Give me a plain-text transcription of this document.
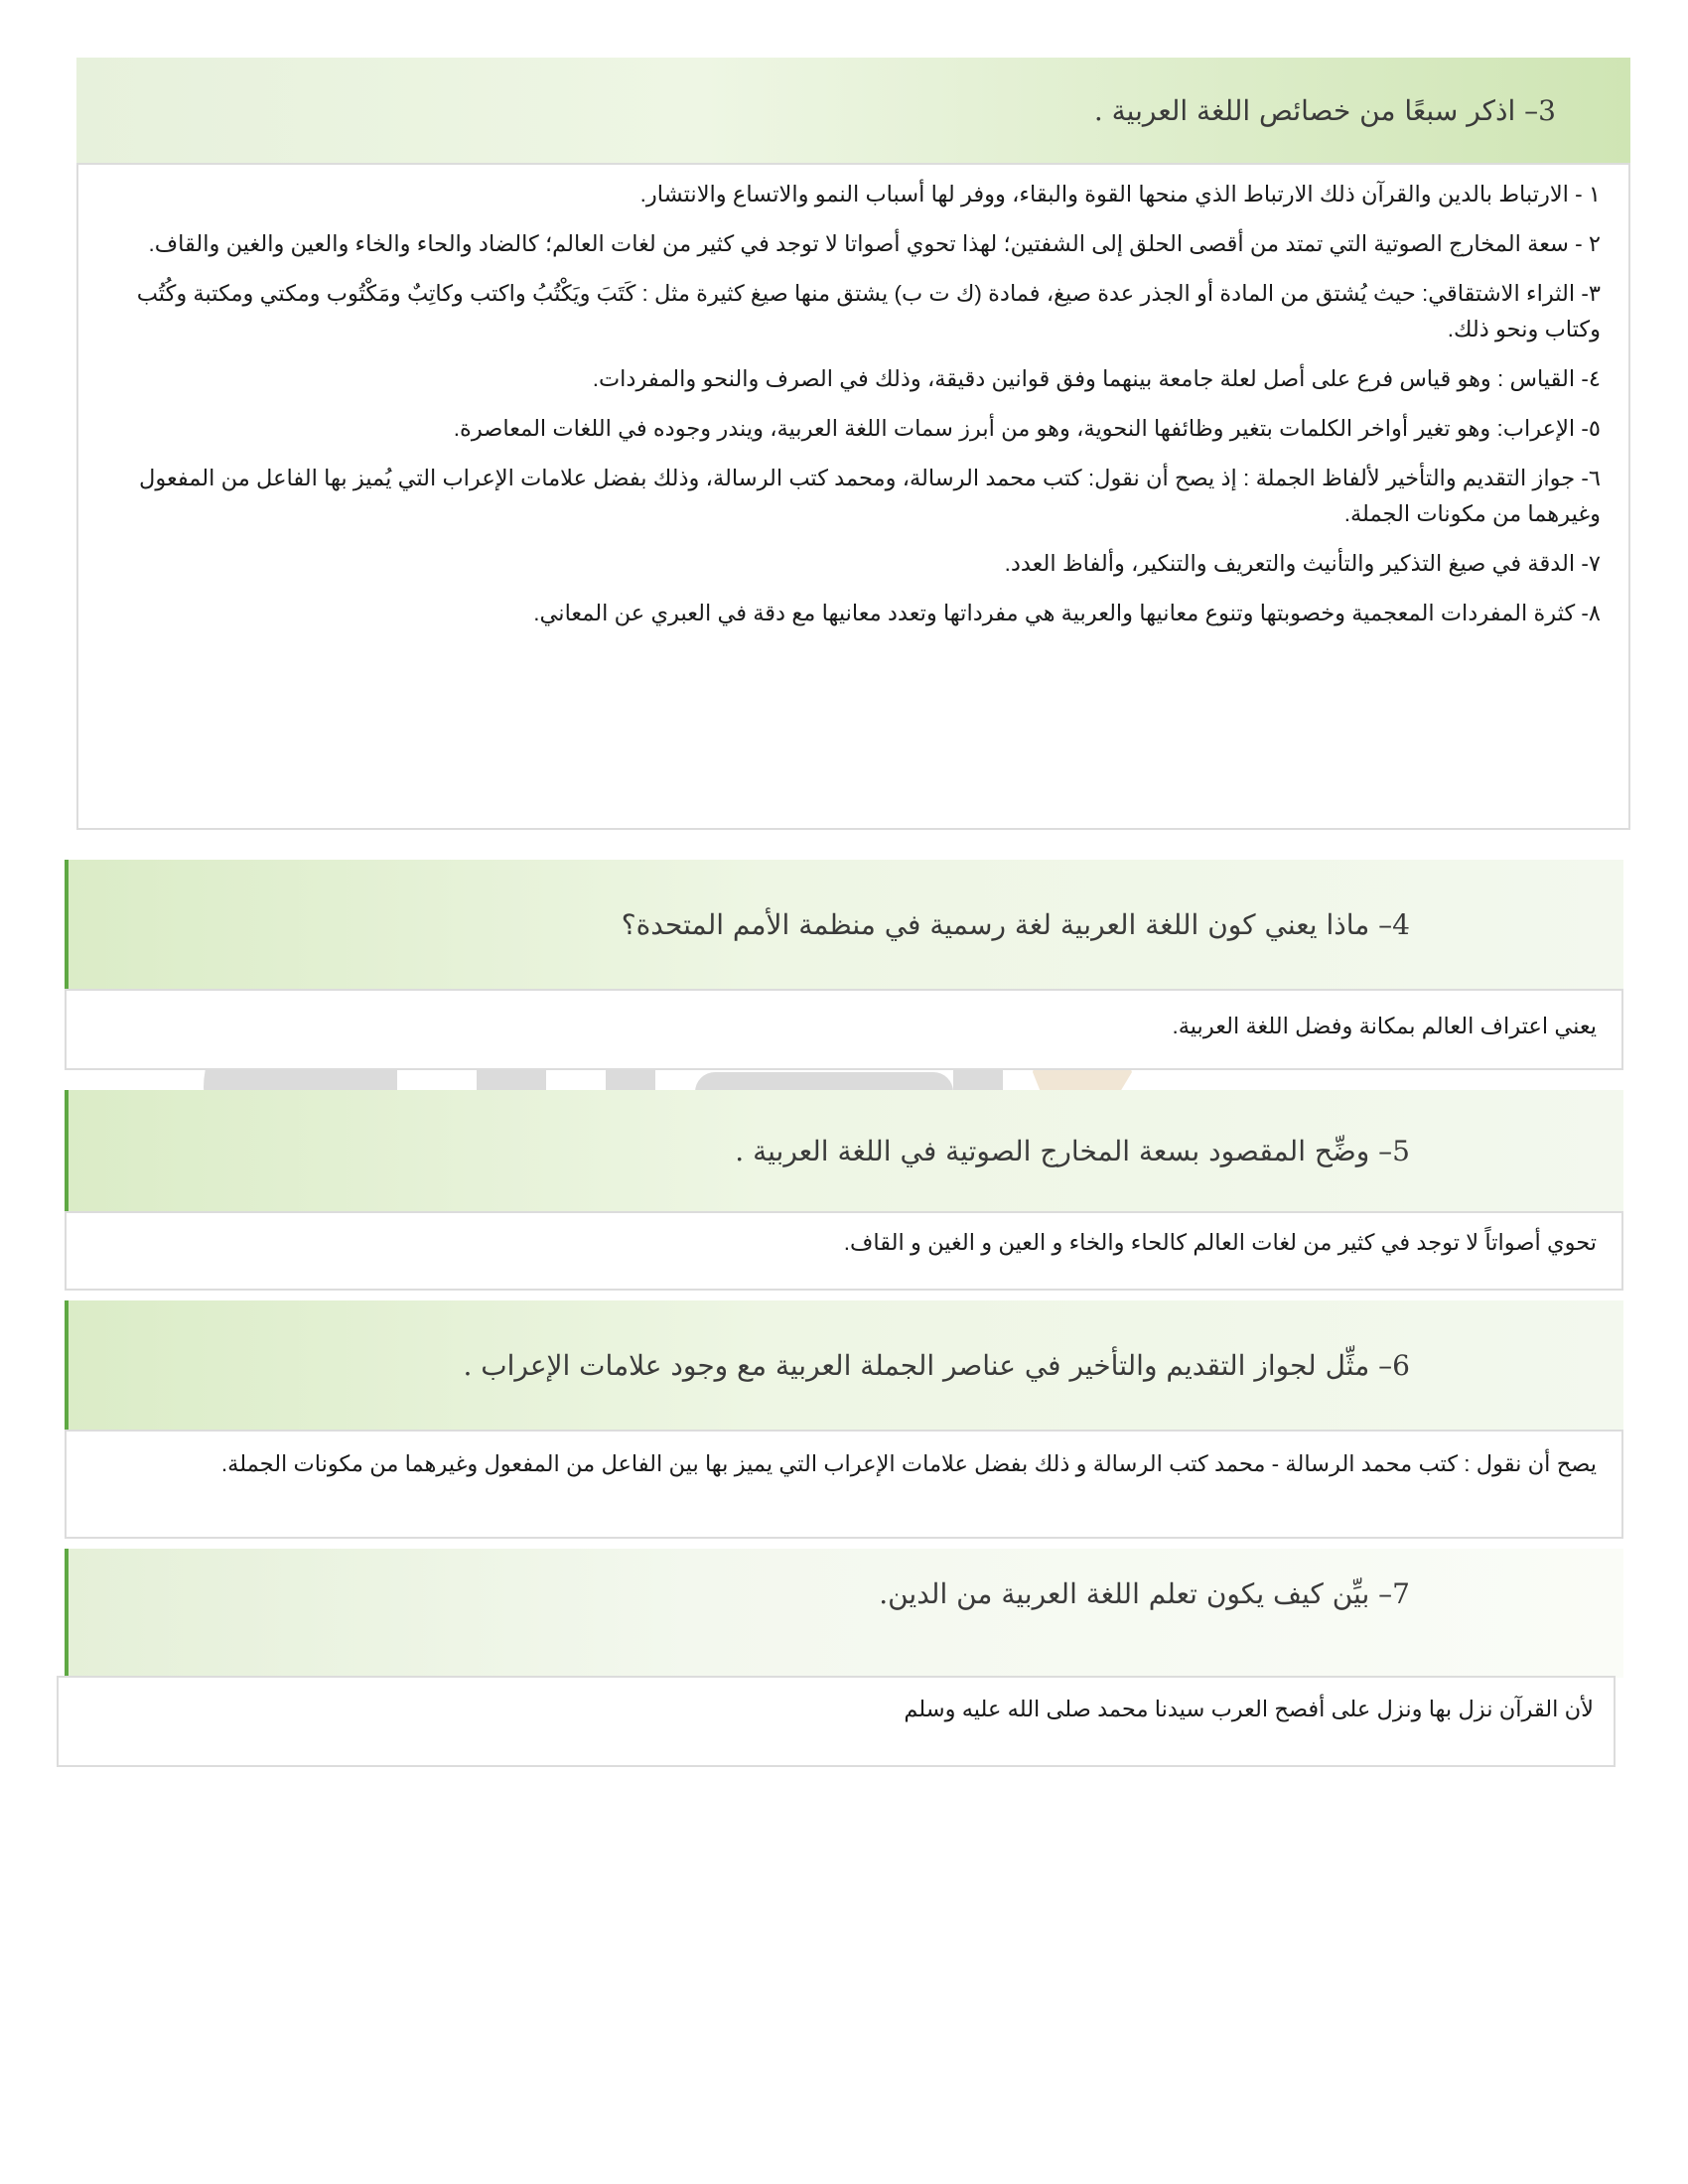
3–

اذكر سبعًا من خصائص اللغة العربية .

١ - الارتباط بالدين والقرآن ذلك الارتباط الذي منحها القوة والبقاء، ووفر لها أسباب النمو والاتساع والانتشار.

٢ - سعة المخارج الصوتية التي تمتد من أقصى الحلق إلى الشفتين؛ لهذا تحوي أصواتا لا توجد في كثير من لغات العالم؛ كالضاد والحاء والخاء والعين والغين والقاف.

٣- الثراء الاشتقاقي: حيث يُشتق من المادة أو الجذر عدة صيغ، فمادة (ك ت ب) يشتق منها صيغ كثيرة مثل : كَتَبَ ويَكْتُبُ واكتب وكاتِبٌ ومَكْتُوب ومكتي ومكتبة وكُتُب وكتاب ونحو ذلك.

٤- القياس : وهو قياس فرع على أصل لعلة جامعة بينهما وفق قوانين دقيقة، وذلك في الصرف والنحو والمفردات.

٥- الإعراب: وهو تغير أواخر الكلمات بتغير وظائفها النحوية، وهو من أبرز سمات اللغة العربية، ويندر وجوده في اللغات المعاصرة.

٦- جواز التقديم والتأخير لألفاظ الجملة : إذ يصح أن نقول: كتب محمد الرسالة، ومحمد كتب الرسالة، وذلك بفضل علامات الإعراب التي يُميز بها الفاعل من المفعول وغيرهما من مكونات الجملة.

٧- الدقة في صيغ التذكير والتأنيث والتعريف والتنكير، وألفاظ العدد.

٨- كثرة المفردات المعجمية وخصوبتها وتنوع معانيها والعربية هي مفرداتها وتعدد معانيها مع دقة في العبري عن المعاني.

4–

ماذا يعني كون اللغة العربية لغة رسمية في منظمة الأمم المتحدة؟

يعني اعتراف العالم بمكانة وفضل اللغة العربية.

5–

وضِّح المقصود بسعة المخارج الصوتية في اللغة العربية .

تحوي أصواتاً لا توجد في كثير من لغات العالم كالحاء والخاء و العين و الغين و القاف.

6–

مثِّل لجواز التقديم والتأخير في عناصر الجملة العربية مع وجود علامات الإعراب .

يصح أن نقول : كتب محمد الرسالة - محمد كتب الرسالة و ذلك بفضل علامات الإعراب التي يميز بها بين الفاعل من المفعول وغيرهما من مكونات الجملة.

7–

بيِّن كيف يكون تعلم اللغة العربية من الدين.

لأن القرآن نزل بها ونزل على أفصح العرب سيدنا محمد صلى الله عليه وسلم
